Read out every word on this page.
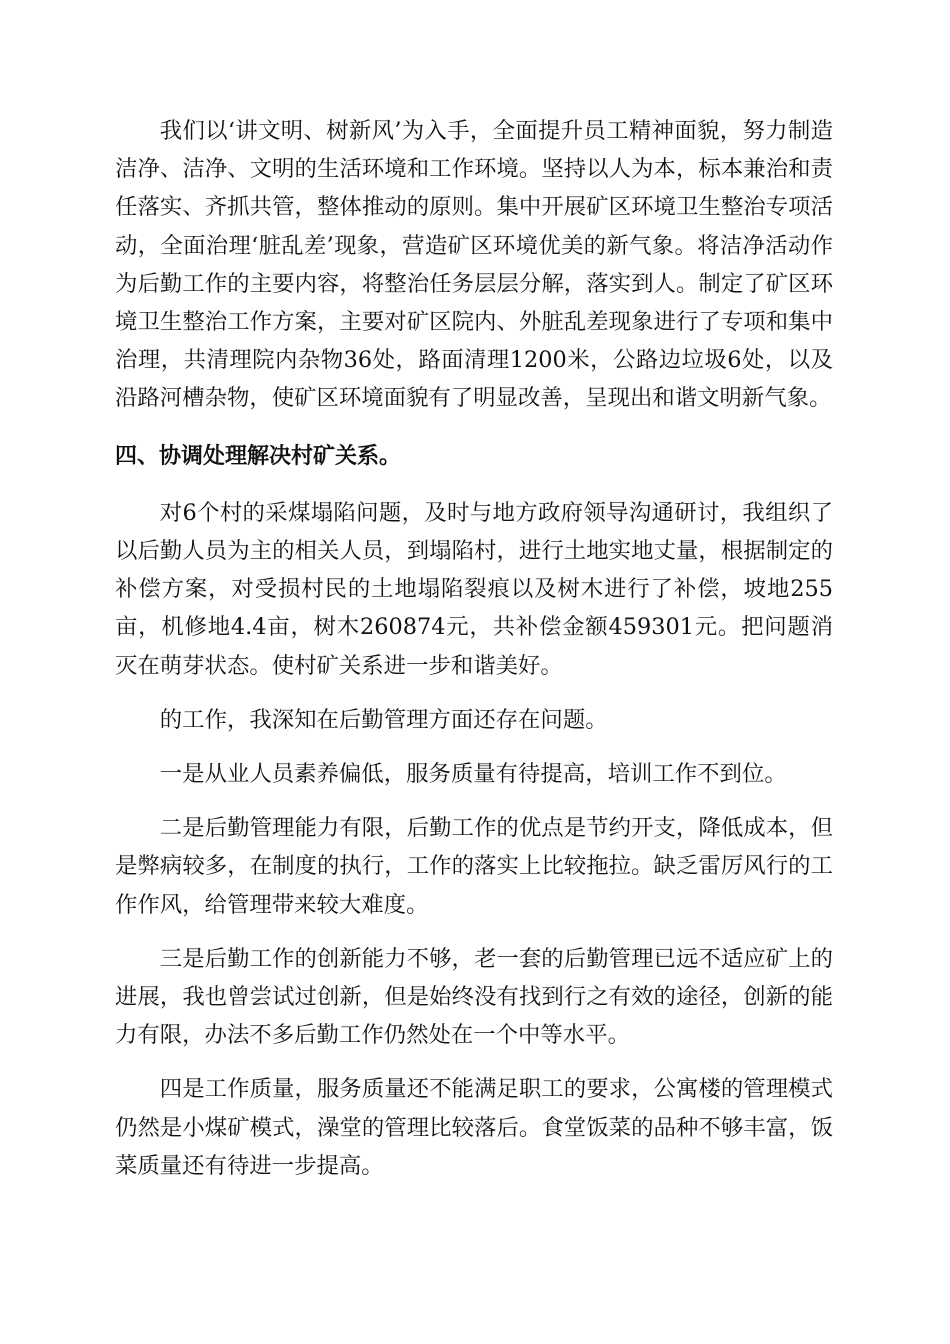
我们以‘讲文明、树新风’为入手，全面提升员工精神面貌，努力制造洁净、洁净、文明的生活环境和工作环境。坚持以人为本，标本兼治和责任落实、齐抓共管，整体推动的原则。集中开展矿区环境卫生整治专项活动，全面治理‘脏乱差’现象，营造矿区环境优美的新气象。将洁净活动作为后勤工作的主要内容，将整治任务层层分解，落实到人。制定了矿区环境卫生整治工作方案，主要对矿区院内、外脏乱差现象进行了专项和集中治理，共清理院内杂物36处，路面清理1200米，公路边垃圾6处，以及沿路河槽杂物，使矿区环境面貌有了明显改善，呈现出和谐文明新气象。

四、协调处理解决村矿关系。

对6个村的采煤塌陷问题，及时与地方政府领导沟通研讨，我组织了以后勤人员为主的相关人员，到塌陷村，进行土地实地丈量，根据制定的补偿方案，对受损村民的土地塌陷裂痕以及树木进行了补偿，坡地255亩，机修地4.4亩，树木260874元，共补偿金额459301元。把问题消灭在萌芽状态。使村矿关系进一步和谐美好。

的工作，我深知在后勤管理方面还存在问题。

一是从业人员素养偏低，服务质量有待提高，培训工作不到位。

二是后勤管理能力有限，后勤工作的优点是节约开支，降低成本，但是弊病较多，在制度的执行，工作的落实上比较拖拉。缺乏雷厉风行的工作作风，给管理带来较大难度。

三是后勤工作的创新能力不够，老一套的后勤管理已远不适应矿上的进展，我也曾尝试过创新，但是始终没有找到行之有效的途径，创新的能力有限，办法不多后勤工作仍然处在一个中等水平。

四是工作质量，服务质量还不能满足职工的要求，公寓楼的管理模式仍然是小煤矿模式，澡堂的管理比较落后。食堂饭菜的品种不够丰富，饭菜质量还有待进一步提高。
